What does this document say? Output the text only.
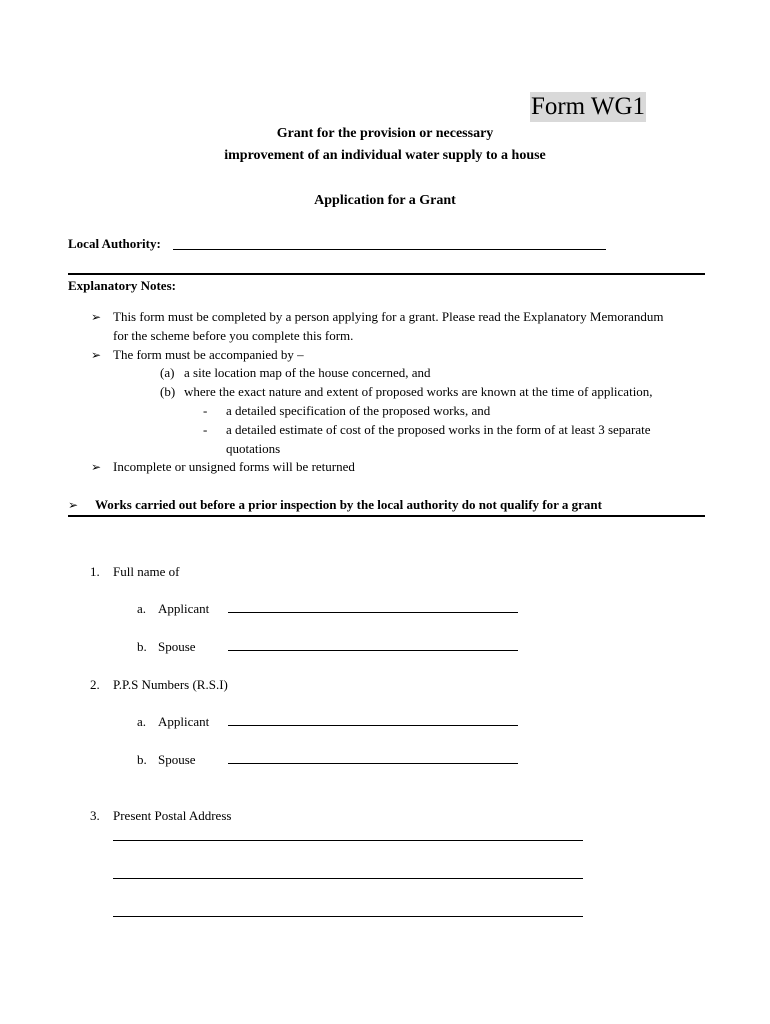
Form WG1
Grant for the provision or necessary
improvement of an individual water supply to a house
Application for a Grant
Local Authority:
Explanatory Notes:
➢ This form must be completed by a person applying for a grant. Please read the Explanatory Memorandum
for the scheme before you complete this form.
➢ The form must be accompanied by –
(a) a site location map of the house concerned, and
(b) where the exact nature and extent of proposed works are known at the time of application,
- a detailed specification of the proposed works, and
- a detailed estimate of cost of the proposed works in the form of at least 3 separate
quotations
➢ Incomplete or unsigned forms will be returned
➢ Works carried out before a prior inspection by the local authority do not qualify for a grant
1. Full name of
a. Applicant
b. Spouse
2. P.P.S Numbers (R.S.I)
a. Applicant
b. Spouse
3. Present Postal Address
